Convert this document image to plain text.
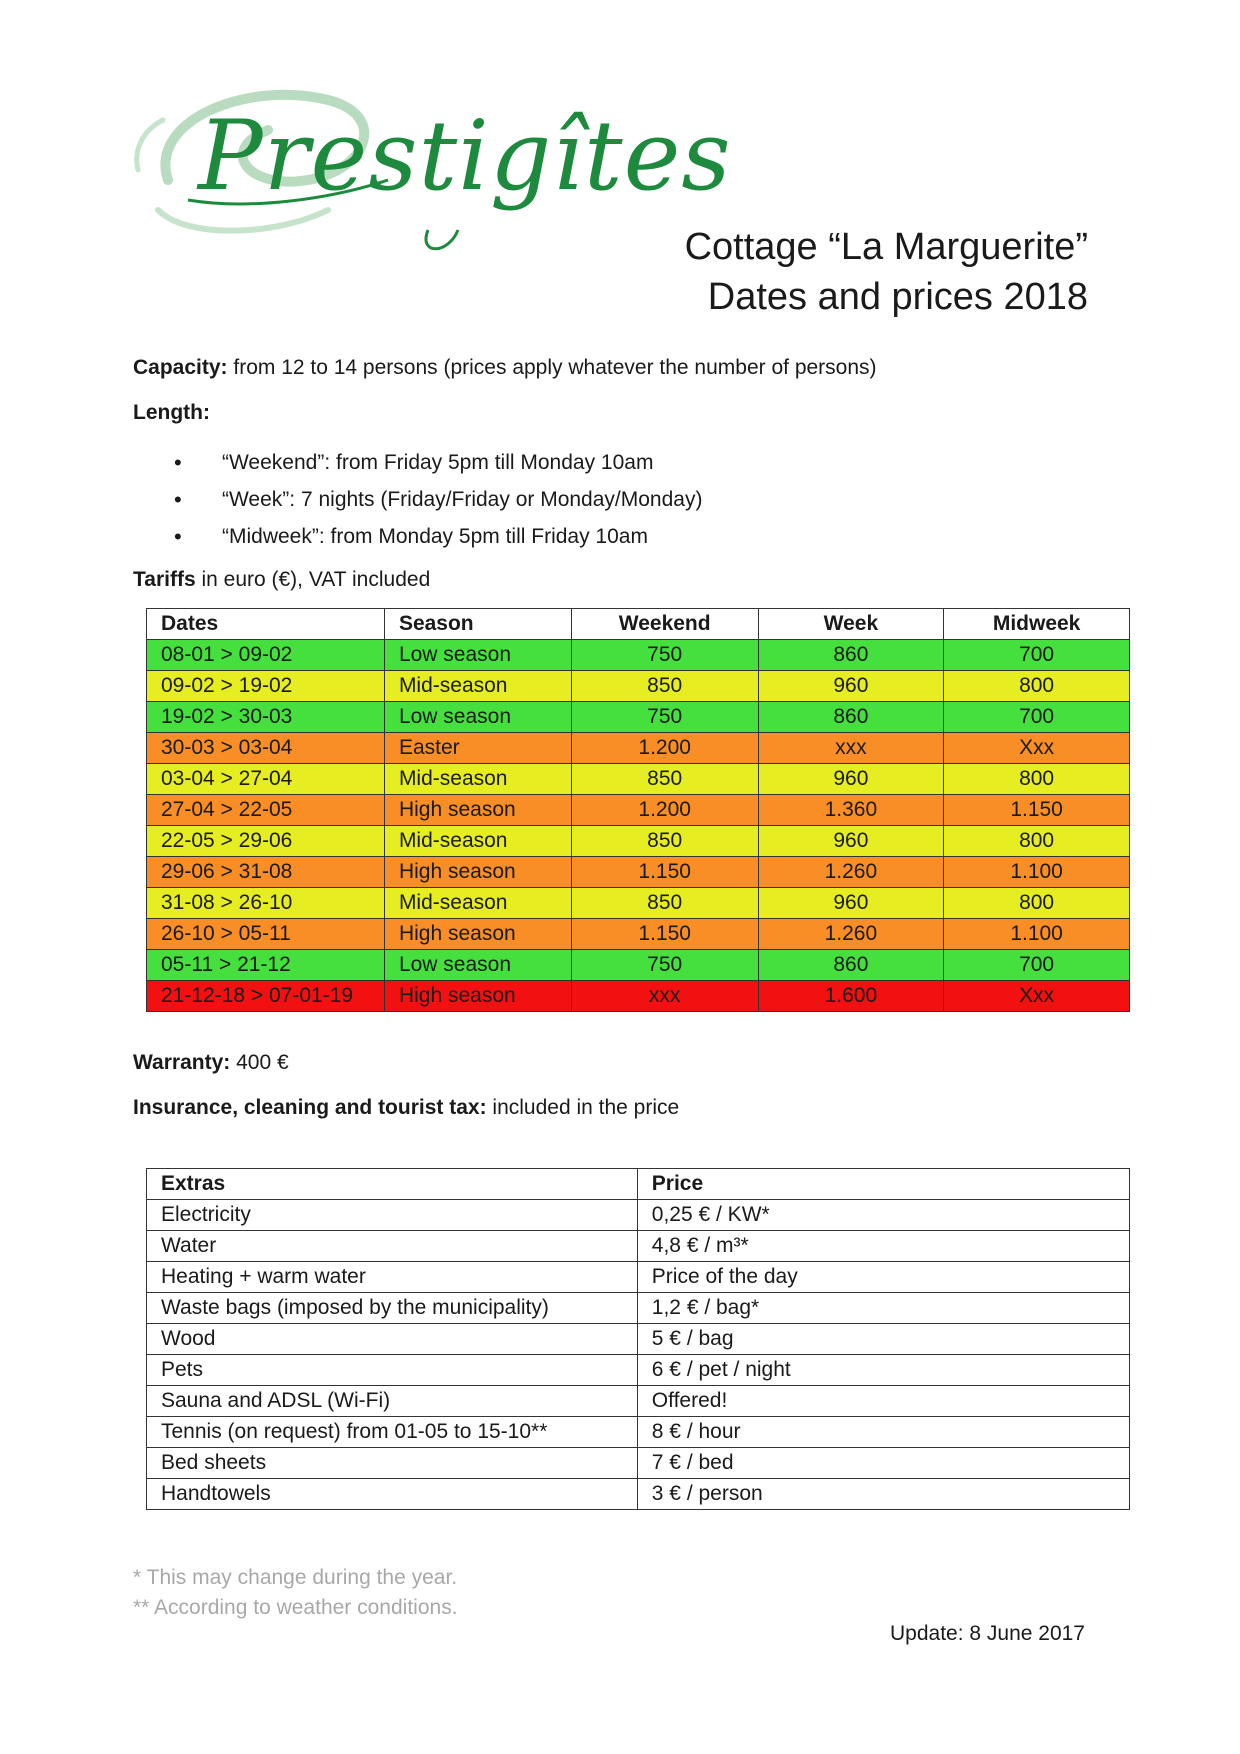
Prestigîtes
Cottage “La Marguerite”
Dates and prices 2018
Capacity: from 12 to 14 persons (prices apply whatever the number of persons)
Length:
“Weekend”: from Friday 5pm till Monday 10am
“Week”: 7 nights (Friday/Friday or Monday/Monday)
“Midweek”: from Monday 5pm till Friday 10am
Tariffs in euro (€), VAT included
Dates	Season	Weekend	Week	Midweek
08-01 > 09-02	Low season	750	860	700
09-02 > 19-02	Mid-season	850	960	800
19-02 > 30-03	Low season	750	860	700
30-03 > 03-04	Easter	1.200	xxx	Xxx
03-04 > 27-04	Mid-season	850	960	800
27-04 > 22-05	High season	1.200	1.360	1.150
22-05 > 29-06	Mid-season	850	960	800
29-06 > 31-08	High season	1.150	1.260	1.100
31-08 > 26-10	Mid-season	850	960	800
26-10 > 05-11	High season	1.150	1.260	1.100
05-11 > 21-12	Low season	750	860	700
21-12-18 > 07-01-19	High season	xxx	1.600	Xxx
Warranty: 400 €
Insurance, cleaning and tourist tax: included in the price
Extras	Price
Electricity	0,25 € / KW*
Water	4,8 € / m³*
Heating + warm water	Price of the day
Waste bags (imposed by the municipality)	1,2 € / bag*
Wood	5 € / bag
Pets	6 € / pet / night
Sauna and ADSL (Wi-Fi)	Offered!
Tennis (on request) from 01-05 to 15-10**	8 € / hour
Bed sheets	7 € / bed
Handtowels	3 € / person
* This may change during the year.
** According to weather conditions.
Update: 8 June 2017
